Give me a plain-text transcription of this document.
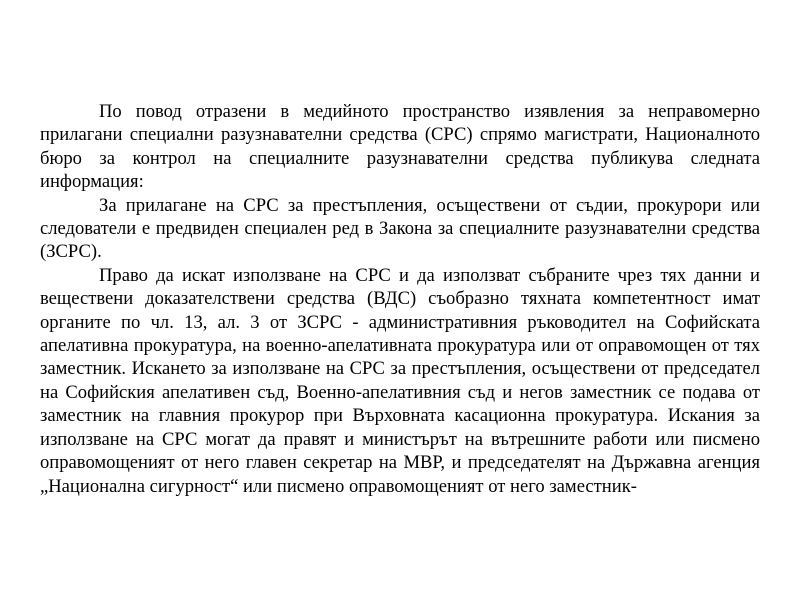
По повод отразени в медийното пространство изявления за неправомерно прилагани специални разузнавателни средства (СРС) спрямо магистрати, Националното бюро за контрол на специалните разузнавателни средства публикува следната информация:

За прилагане на СРС за престъпления, осъществени от съдии, прокурори или следователи е предвиден специален ред в Закона за специалните разузнавателни средства (ЗСРС).

Право да искат използване на СРС и да използват събраните чрез тях данни и веществени доказателствени средства (ВДС) съобразно тяхната компетентност имат органите по чл. 13, ал. 3 от ЗСРС - административния ръководител на Софийската апелативна прокуратура, на военно-апелативната прокуратура или от оправомощен от тях заместник. Искането за използване на СРС за престъпления, осъществени от председател на Софийския апелативен съд, Военно-апелативния съд и негов заместник се подава от заместник на главния прокурор при Върховната касационна прокуратура. Искания за използване на СРС могат да правят и министърът на вътрешните работи или писмено оправомощеният от него главен секретар на МВР, и председателят на Държавна агенция „Национална сигурност“ или писмено оправомощеният от него заместник-
